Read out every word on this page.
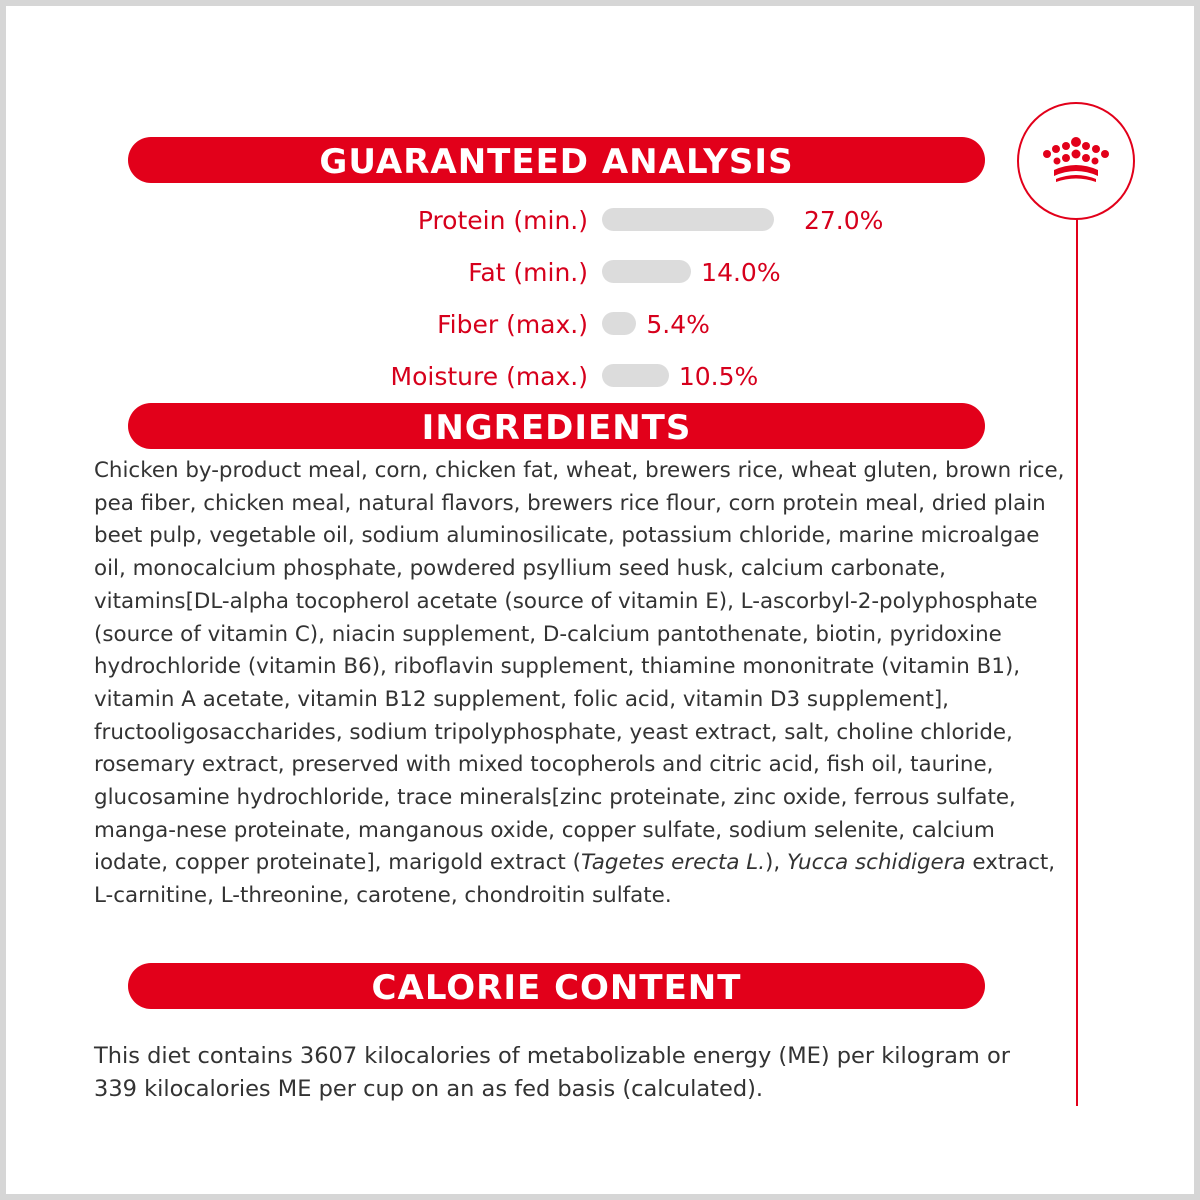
GUARANTEED ANALYSIS
Protein (min.)	27.0%
Fat (min.)	14.0%
Fiber (max.) 5.4%
Moisture (max.)	10.5%
INGREDIENTS
Chicken by-product meal, corn, chicken fat, wheat, brewers rice, wheat gluten, brown rice, pea fiber, chicken meal, natural flavors, brewers rice flour, corn protein meal, dried plain beet pulp, vegetable oil, sodium aluminosilicate, potassium chloride, marine microalgae oil, monocalcium phosphate, powdered psyllium seed husk, calcium carbonate, vitamins[DL-alpha tocopherol acetate (source of vitamin E), L-ascorbyl-2-polyphosphate (source of vitamin C), niacin supplement, D-calcium pantothenate, biotin, pyridoxine hydrochloride (vitamin B6), riboflavin supplement, thiamine mononitrate (vitamin B1), vitamin A acetate, vitamin B12 supplement, folic acid, vitamin D3 supplement], fructooligosaccharides, sodium tripolyphosphate, yeast extract, salt, choline chloride, rosemary extract, preserved with mixed tocopherols and citric acid, fish oil, taurine, glucosamine hydrochloride, trace minerals[zinc proteinate, zinc oxide, ferrous sulfate, manga-nese proteinate, manganous oxide, copper sulfate, sodium selenite, calcium iodate, copper proteinate], marigold extract (Tagetes erecta L.), Yucca schidigera extract, L-carnitine, L-threonine, carotene, chondroitin sulfate.
CALORIE CONTENT
This diet contains 3607 kilocalories of metabolizable energy (ME) per kilogram or 339 kilocalories ME per cup on an as fed basis (calculated).
